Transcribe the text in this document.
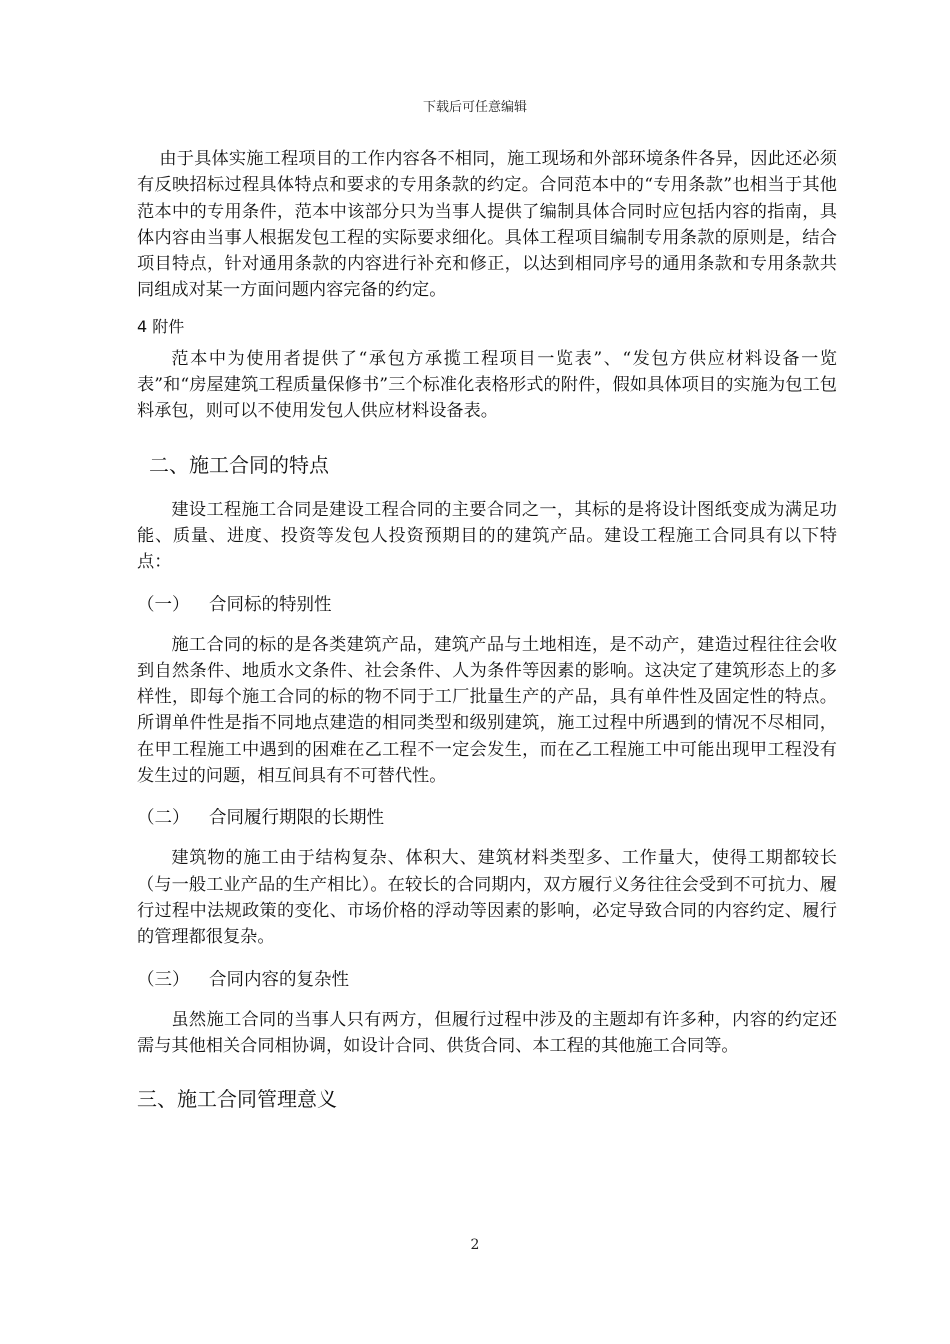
下载后可任意编辑

由于具体实施工程项目的工作内容各不相同，施工现场和外部环境条件各异，因此还必须有反映招标过程具体特点和要求的专用条款的约定。合同范本中的“专用条款”也相当于其他范本中的专用条件，范本中该部分只为当事人提供了编制具体合同时应包括内容的指南，具体内容由当事人根据发包工程的实际要求细化。具体工程项目编制专用条款的原则是，结合项目特点，针对通用条款的内容进行补充和修正，以达到相同序号的通用条款和专用条款共同组成对某一方面问题内容完备的约定。

4 附件

范本中为使用者提供了“承包方承揽工程项目一览表”、“发包方供应材料设备一览表”和“房屋建筑工程质量保修书”三个标准化表格形式的附件，假如具体项目的实施为包工包料承包，则可以不使用发包人供应材料设备表。

二、施工合同的特点

建设工程施工合同是建设工程合同的主要合同之一，其标的是将设计图纸变成为满足功能、质量、进度、投资等发包人投资预期目的的建筑产品。建设工程施工合同具有以下特点：

（一） 合同标的特别性

施工合同的标的是各类建筑产品，建筑产品与土地相连，是不动产，建造过程往往会收到自然条件、地质水文条件、社会条件、人为条件等因素的影响。这决定了建筑形态上的多样性，即每个施工合同的标的物不同于工厂批量生产的产品，具有单件性及固定性的特点。所谓单件性是指不同地点建造的相同类型和级别建筑，施工过程中所遇到的情况不尽相同，在甲工程施工中遇到的困难在乙工程不一定会发生，而在乙工程施工中可能出现甲工程没有发生过的问题，相互间具有不可替代性。

（二） 合同履行期限的长期性

建筑物的施工由于结构复杂、体积大、建筑材料类型多、工作量大，使得工期都较长（与一般工业产品的生产相比）。在较长的合同期内，双方履行义务往往会受到不可抗力、履行过程中法规政策的变化、市场价格的浮动等因素的影响，必定导致合同的内容约定、履行的管理都很复杂。

（三） 合同内容的复杂性

虽然施工合同的当事人只有两方，但履行过程中涉及的主题却有许多种，内容的约定还需与其他相关合同相协调，如设计合同、供货合同、本工程的其他施工合同等。

三、施工合同管理意义
2
